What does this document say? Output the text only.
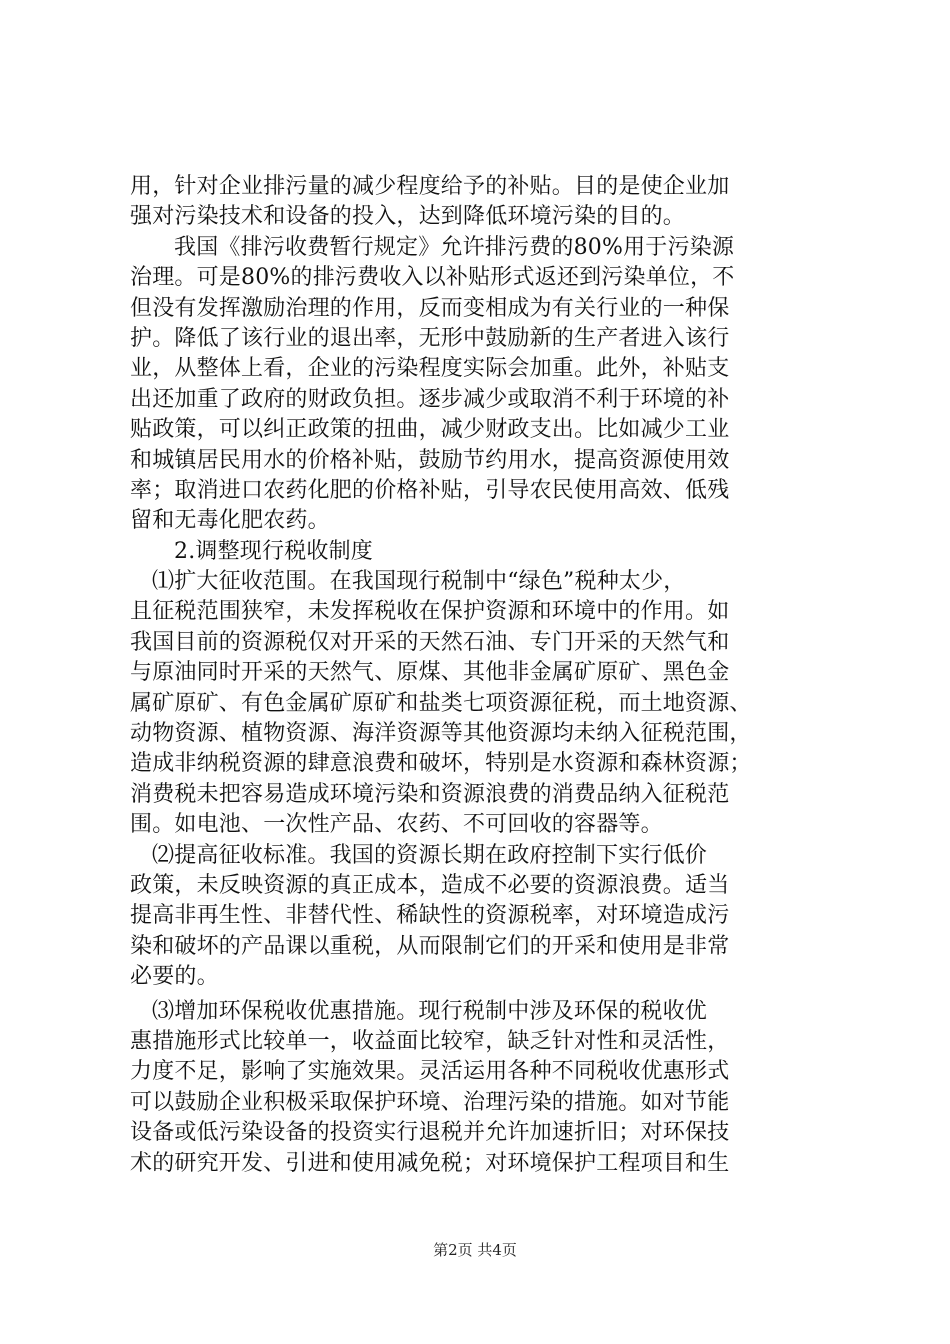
用，针对企业排污量的减少程度给予的补贴。目的是使企业加
强对污染技术和设备的投入，达到降低环境污染的目的。
我国《排污收费暂行规定》允许排污费的80%用于污染源
治理。可是80%的排污费收入以补贴形式返还到污染单位，不
但没有发挥激励治理的作用，反而变相成为有关行业的一种保
护。降低了该行业的退出率，无形中鼓励新的生产者进入该行
业，从整体上看，企业的污染程度实际会加重。此外，补贴支
出还加重了政府的财政负担。逐步减少或取消不利于环境的补
贴政策，可以纠正政策的扭曲，减少财政支出。比如减少工业
和城镇居民用水的价格补贴，鼓励节约用水，提高资源使用效
率；取消进口农药化肥的价格补贴，引导农民使用高效、低残
留和无毒化肥农药。
2.调整现行税收制度
⑴扩大征收范围。在我国现行税制中“绿色”税种太少，
且征税范围狭窄，未发挥税收在保护资源和环境中的作用。如
我国目前的资源税仅对开采的天然石油、专门开采的天然气和
与原油同时开采的天然气、原煤、其他非金属矿原矿、黑色金
属矿原矿、有色金属矿原矿和盐类七项资源征税，而土地资源、
动物资源、植物资源、海洋资源等其他资源均未纳入征税范围，
造成非纳税资源的肆意浪费和破坏，特别是水资源和森林资源；
消费税未把容易造成环境污染和资源浪费的消费品纳入征税范
围。如电池、一次性产品、农药、不可回收的容器等。
⑵提高征收标准。我国的资源长期在政府控制下实行低价
政策，未反映资源的真正成本，造成不必要的资源浪费。适当
提高非再生性、非替代性、稀缺性的资源税率，对环境造成污
染和破坏的产品课以重税，从而限制它们的开采和使用是非常
必要的。
⑶增加环保税收优惠措施。现行税制中涉及环保的税收优
惠措施形式比较单一，收益面比较窄，缺乏针对性和灵活性，
力度不足，影响了实施效果。灵活运用各种不同税收优惠形式
可以鼓励企业积极采取保护环境、治理污染的措施。如对节能
设备或低污染设备的投资实行退税并允许加速折旧；对环保技
术的研究开发、引进和使用减免税；对环境保护工程项目和生
第2页 共4页
